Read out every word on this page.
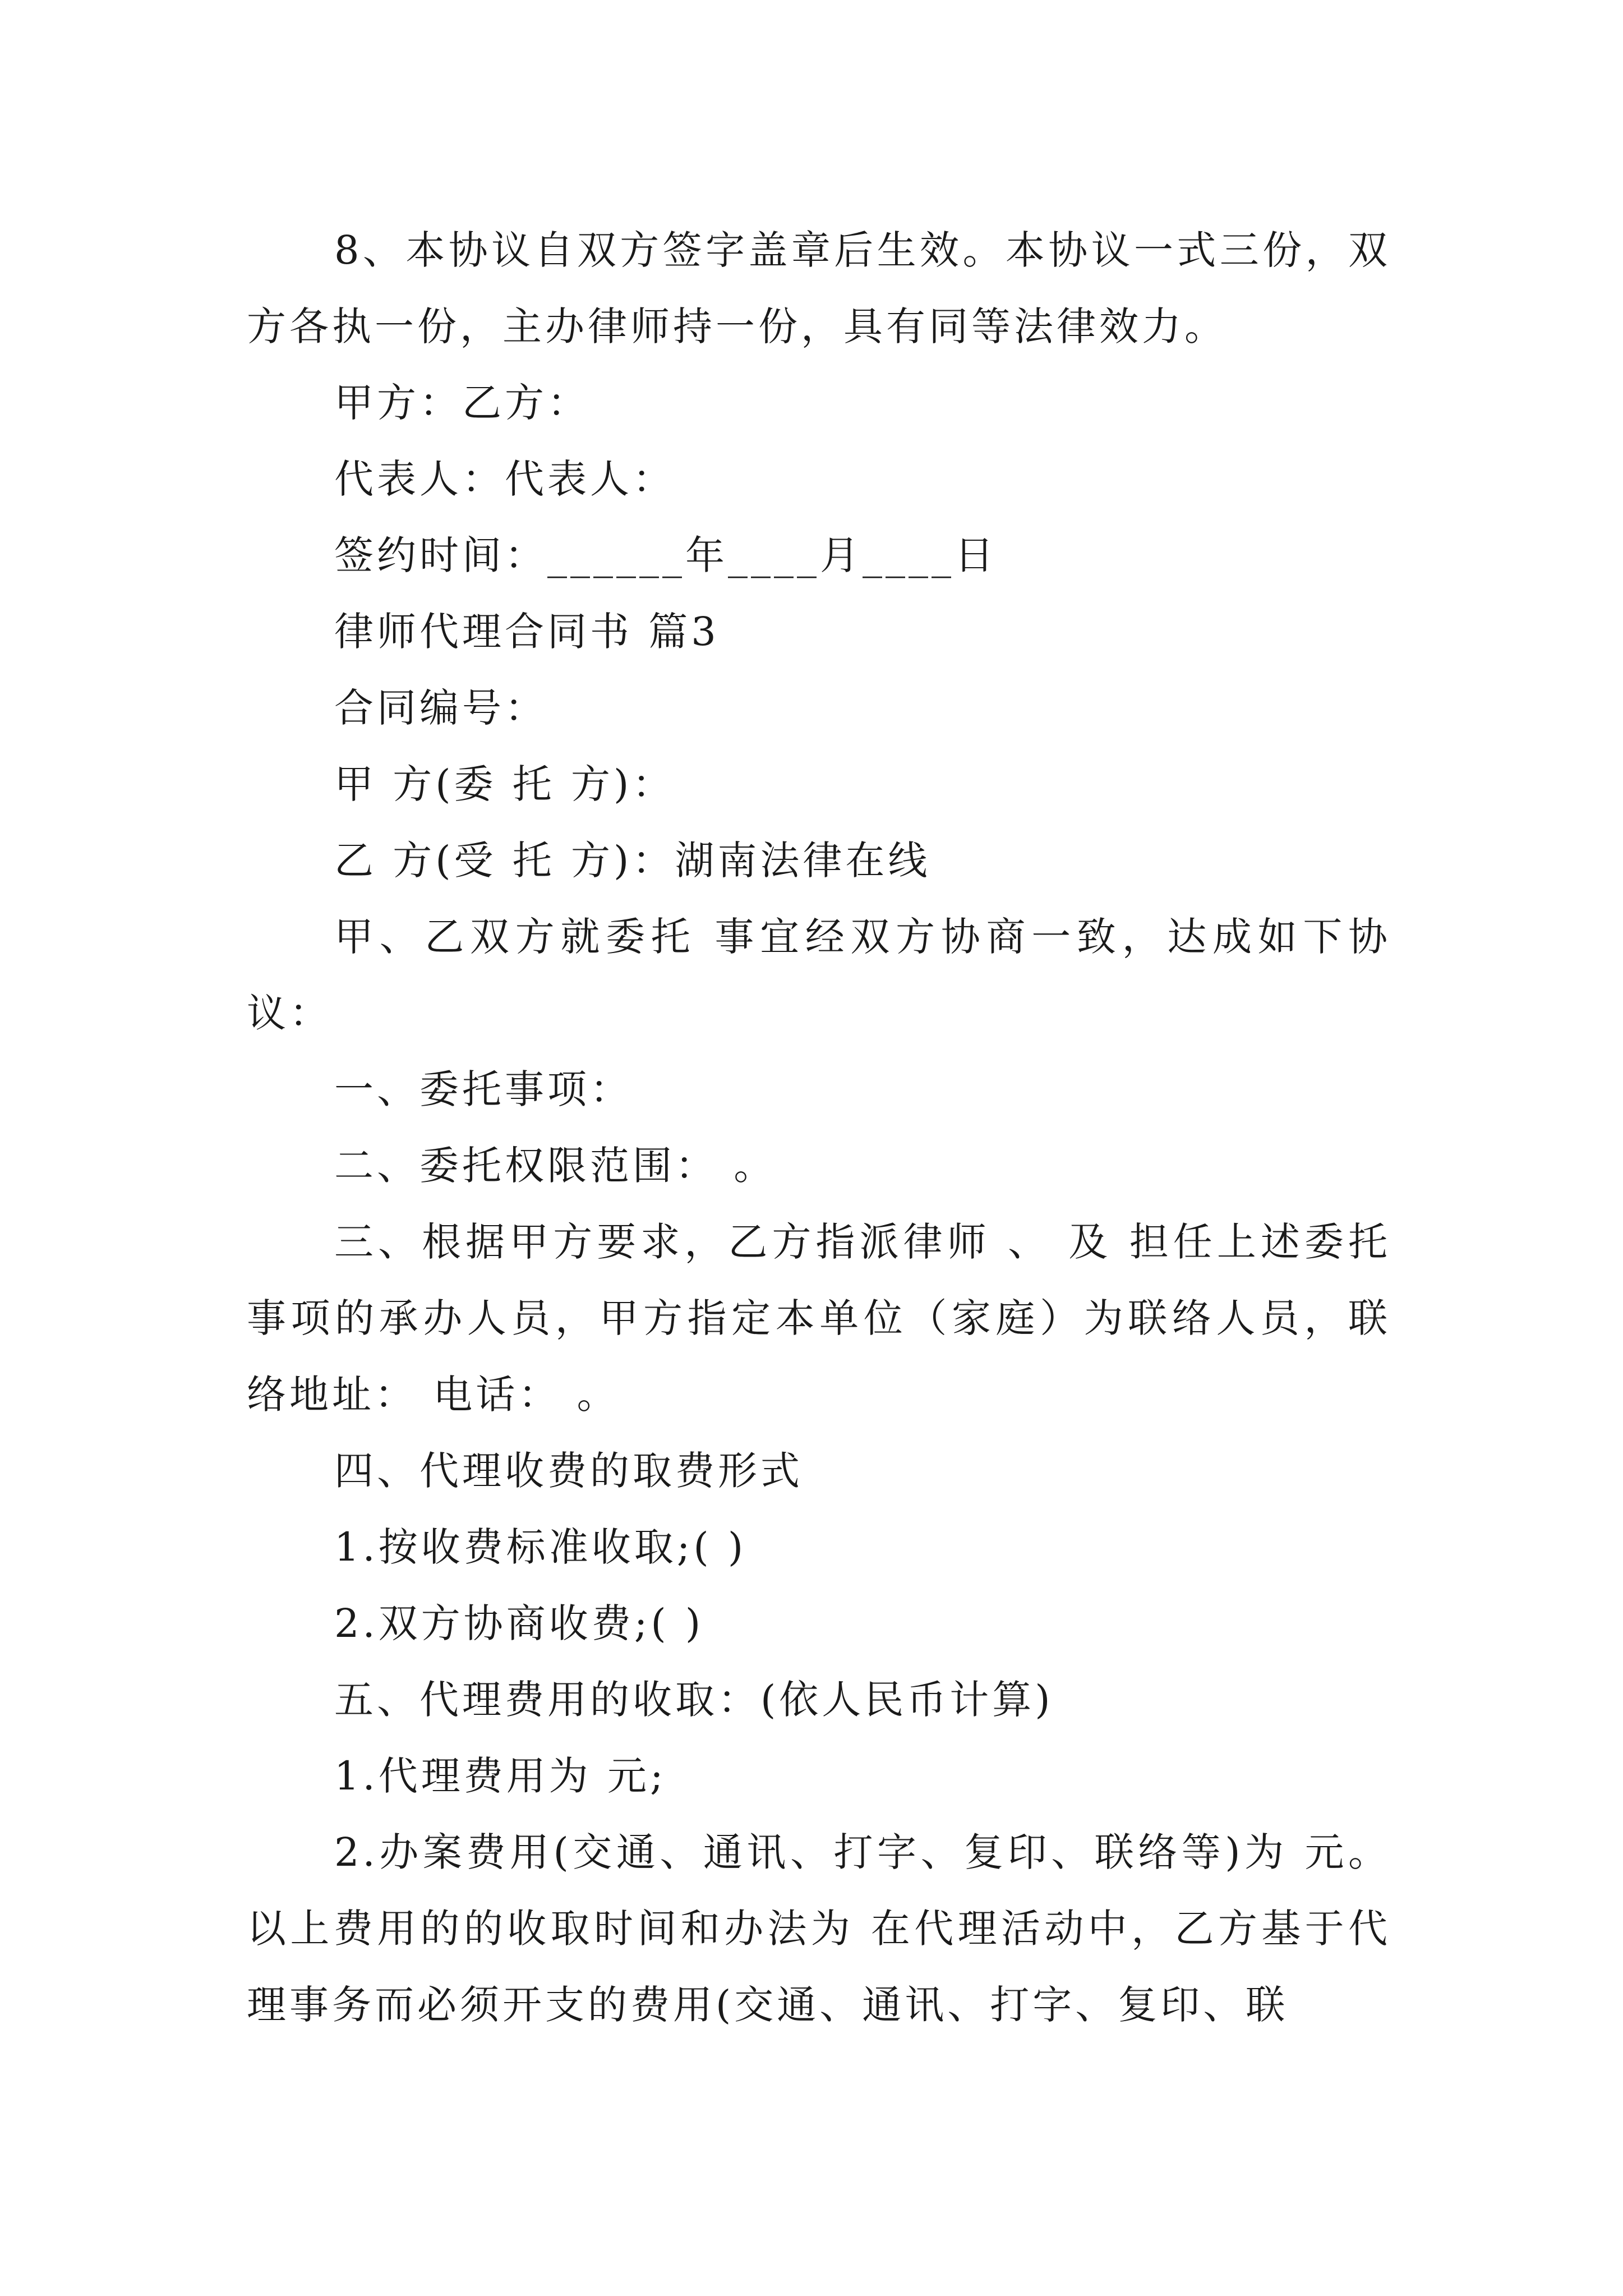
8、本协议自双方签字盖章后生效。本协议一式三份，双方各执一份，主办律师持一份，具有同等法律效力。

甲方：乙方：

代表人：代表人：

签约时间：______年____月____日

律师代理合同书 篇3

合同编号：

甲 方(委 托 方)：

乙 方(受 托 方)：湖南法律在线

甲、乙双方就委托 事宜经双方协商一致，达成如下协议：

一、委托事项：

二、委托权限范围： 。

三、根据甲方要求，乙方指派律师 、 及 担任上述委托事项的承办人员，甲方指定本单位（家庭）为联络人员，联络地址： 电话： 。

四、代理收费的取费形式

1.按收费标准收取;( )

2.双方协商收费;( )

五、代理费用的收取：(依人民币计算)

1.代理费用为 元;

2.办案费用(交通、通讯、打字、复印、联络等)为 元。以上费用的的收取时间和办法为 在代理活动中，乙方基于代理事务而必须开支的费用(交通、通讯、打字、复印、联
